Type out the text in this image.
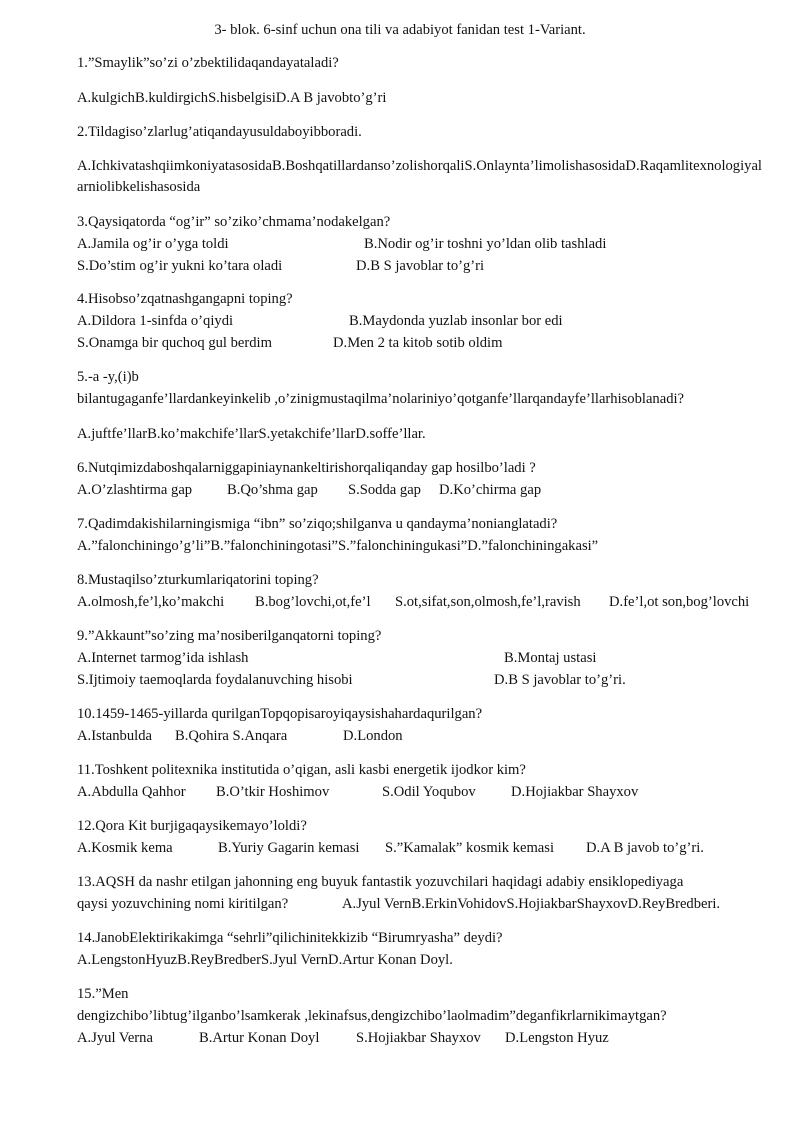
3- blok. 6-sinf uchun ona tili va adabiyot fanidan test 1-Variant.
1.”Smaylik”so’zi o’zbektilidaqandayataladi?
A.kulgichB.kuldirgichS.hisbelgisiD.A B javobto’g’ri
2.Tildagiso’zlarlug’atiqandayusuldaboyibboradi.
A.IchkivatashqiimkoniyatasosidaB.Boshqatillardanso’zolishorqaliS.Onlaynta’limolishasosidaD.Raqamlitexnologiyalarniolibkelishasosida
3.Qaysiqatorda “og’ir” so’ziko’chmama’nodakelgan?
A.Jamila og’ir o’yga toldi	B.Nodir og’ir toshni yo’ldan olib tashladi
S.Do’stim og’ir yukni ko’tara oladi	D.B S javoblar to’g’ri
4.Hisobso’zqatnashgangapni toping?
A.Dildora 1-sinfda o’qiydi	B.Maydonda yuzlab insonlar bor edi
S.Onamga bir quchoq gul berdim	D.Men 2 ta kitob sotib oldim
5.-a -y,(i)b
bilantugaganfe’llardankeyinkelib ,o’zinigmustaqilma’nolariniyo’qotganfe’llarqandayfe’llarhisoblanadi?
A.juftfe’llarB.ko’makchife’llarS.yetakchife’llarD.soffe’llar.
6.Nutqimizdaboshqalarniggapiniaynankeltirishorqaliqanday gap hosilbo’ladi ?
A.O’zlashtirma gap B.Qo’shma gap S.Sodda gap D.Ko’chirma gap
7.Qadimdakishilarningismiga “ibn” so’ziqo;shilganva u qandayma’nonianglatadi?
A.”falonchiningo’g’li”B.”falonchiningotasi”S.”falonchiningukasi”D.”falonchiningakasi”
8.Mustaqilso’zturkumlariqatorini toping?
A.olmosh,fe’l,ko’makchi B.bog’lovchi,ot,fe’l S.ot,sifat,son,olmosh,fe’l,ravish D.fe’l,ot son,bog’lovchi
9.”Akkaunt”so’zing ma’nosiberilganqatorni toping?
A.Internet tarmog’ida ishlash	B.Montaj ustasi
S.Ijtimoiy taemoqlarda foydalanuvching hisobi	D.B S javoblar to’g’ri.
10.1459-1465-yillarda qurilganTopqopisaroyiqaysishahardaqurilgan?
A.Istanbulda B.Qohira S.Anqara	D.London
11.Toshkent politexnika institutida o’qigan, asli kasbi energetik ijodkor kim?
A.Abdulla Qahhor B.O’tkir Hoshimov	S.Odil Yoqubov D.Hojiakbar Shayxov
12.Qora Kit burjigaqaysikemayo’loldi?
A.Kosmik kema	B.Yuriy Gagarin kemasi S.”Kamalak” kosmik kemasi D.A B javob to’g’ri.
13.AQSH da nashr etilgan jahonning eng buyuk fantastik yozuvchilari haqidagi adabiy ensiklopediyaga
qaysi yozuvchining nomi kiritilgan?	A.Jyul VernB.ErkinVohidovS.HojiakbarShayxovD.ReyBredberi.
14.JanobElektirikakimga “sehrli”qilichinitekkizib “Birumryasha” deydi?
A.LengstonHyuzB.ReyBredberS.Jyul VernD.Artur Konan Doyl.
15.”Men
dengizchibo’libtug’ilganbo’lsamkerak ,lekinafsus,dengizchibo’laolmadim”deganfikrlarnikimaytgan?
A.Jyul Verna	B.Artur Konan Doyl	S.Hojiakbar Shayxov D.Lengston Hyuz
